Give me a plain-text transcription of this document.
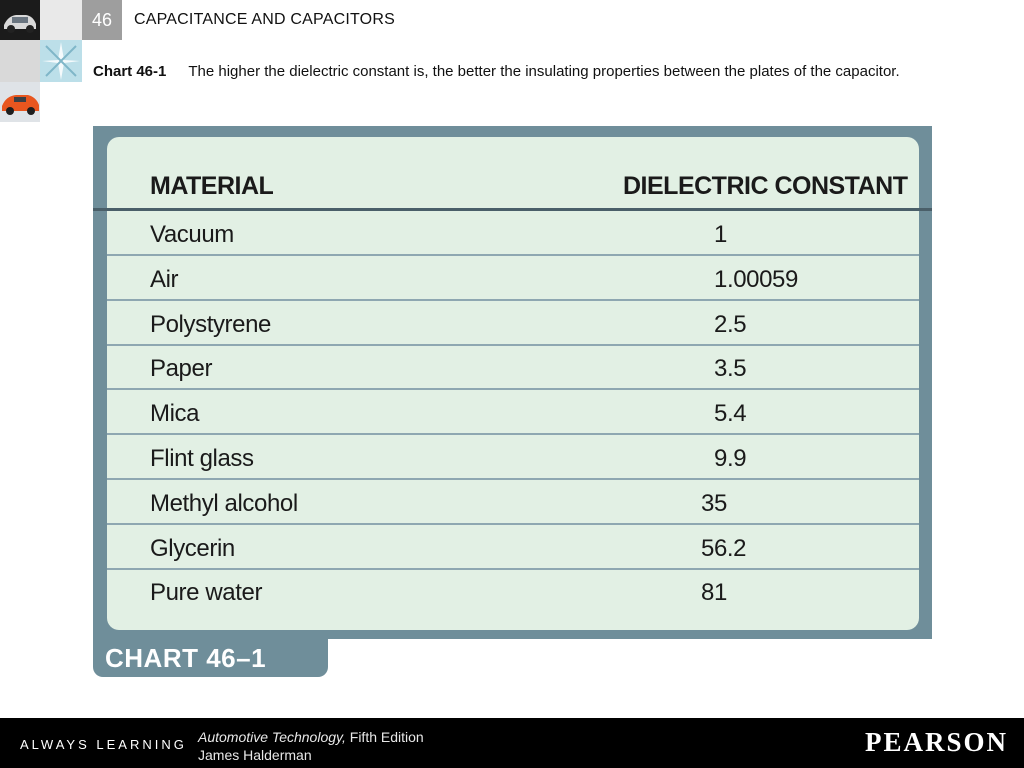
46	CAPACITANCE AND CAPACITORS
Chart 46-1 The higher the dielectric constant is, the better the insulating properties between the plates of the capacitor.
MATERIAL	DIELECTRIC CONSTANT
Vacuum	1
Air	1.00059
Polystyrene	2.5
Paper	3.5
Mica	5.4
Flint glass	9.9
Methyl alcohol	35
Glycerin	56.2
Pure water	81
CHART 46–1
ALWAYS LEARNING Automotive Technology, Fifth Edition
James Halderman	PEARSON
